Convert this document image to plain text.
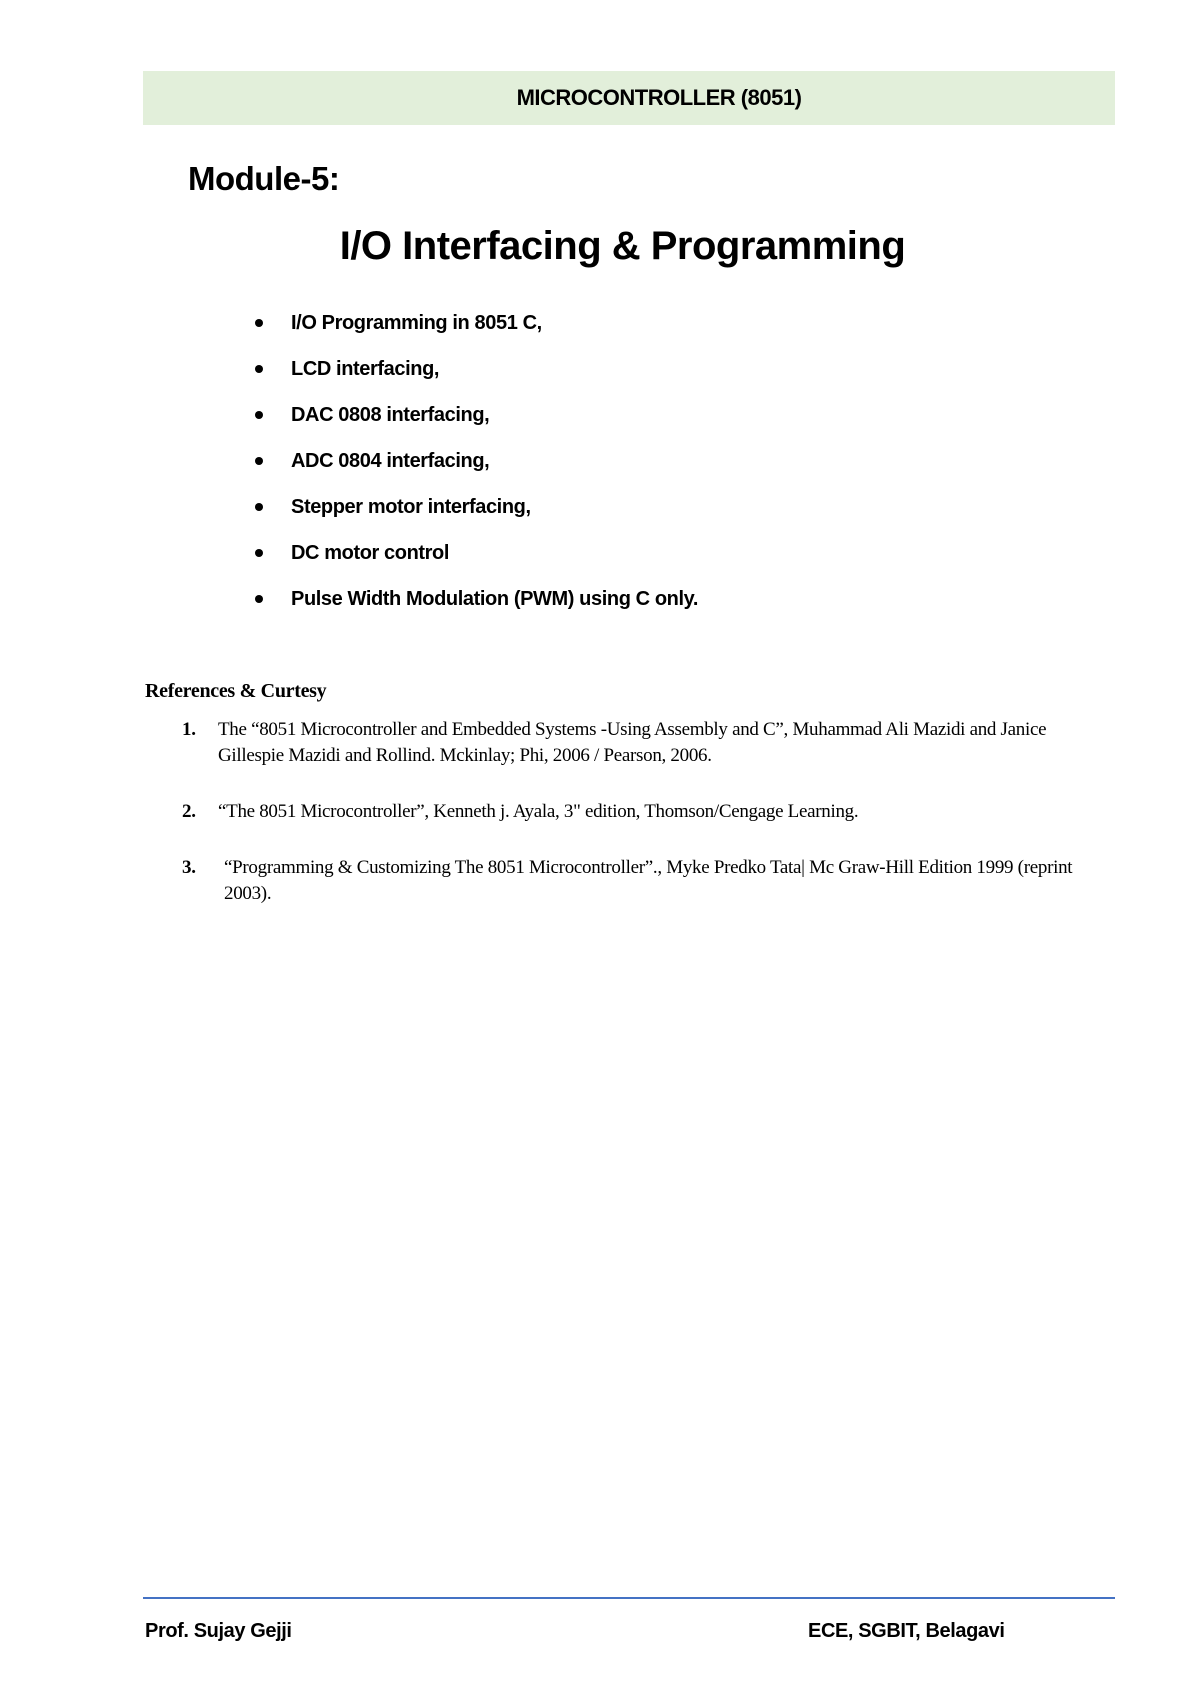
MICROCONTROLLER (8051)
Module-5:
I/O Interfacing & Programming
I/O Programming in 8051 C,
LCD interfacing,
DAC 0808 interfacing,
ADC 0804 interfacing,
Stepper motor interfacing,
DC motor control
Pulse Width Modulation (PWM) using C only.
References & Curtesy
1.	The “8051 Microcontroller and Embedded Systems -Using Assembly and C”, Muhammad Ali Mazidi and Janice Gillespie Mazidi and Rollind. Mckinlay; Phi, 2006 / Pearson, 2006.
2.	“The 8051 Microcontroller”, Kenneth j. Ayala, 3" edition, Thomson/Cengage Learning.
3.	“Programming & Customizing The 8051 Microcontroller”., Myke Predko Tata| Mc Graw-Hill Edition 1999 (reprint 2003).
Prof. Sujay Gejji	ECE, SGBIT, Belagavi
